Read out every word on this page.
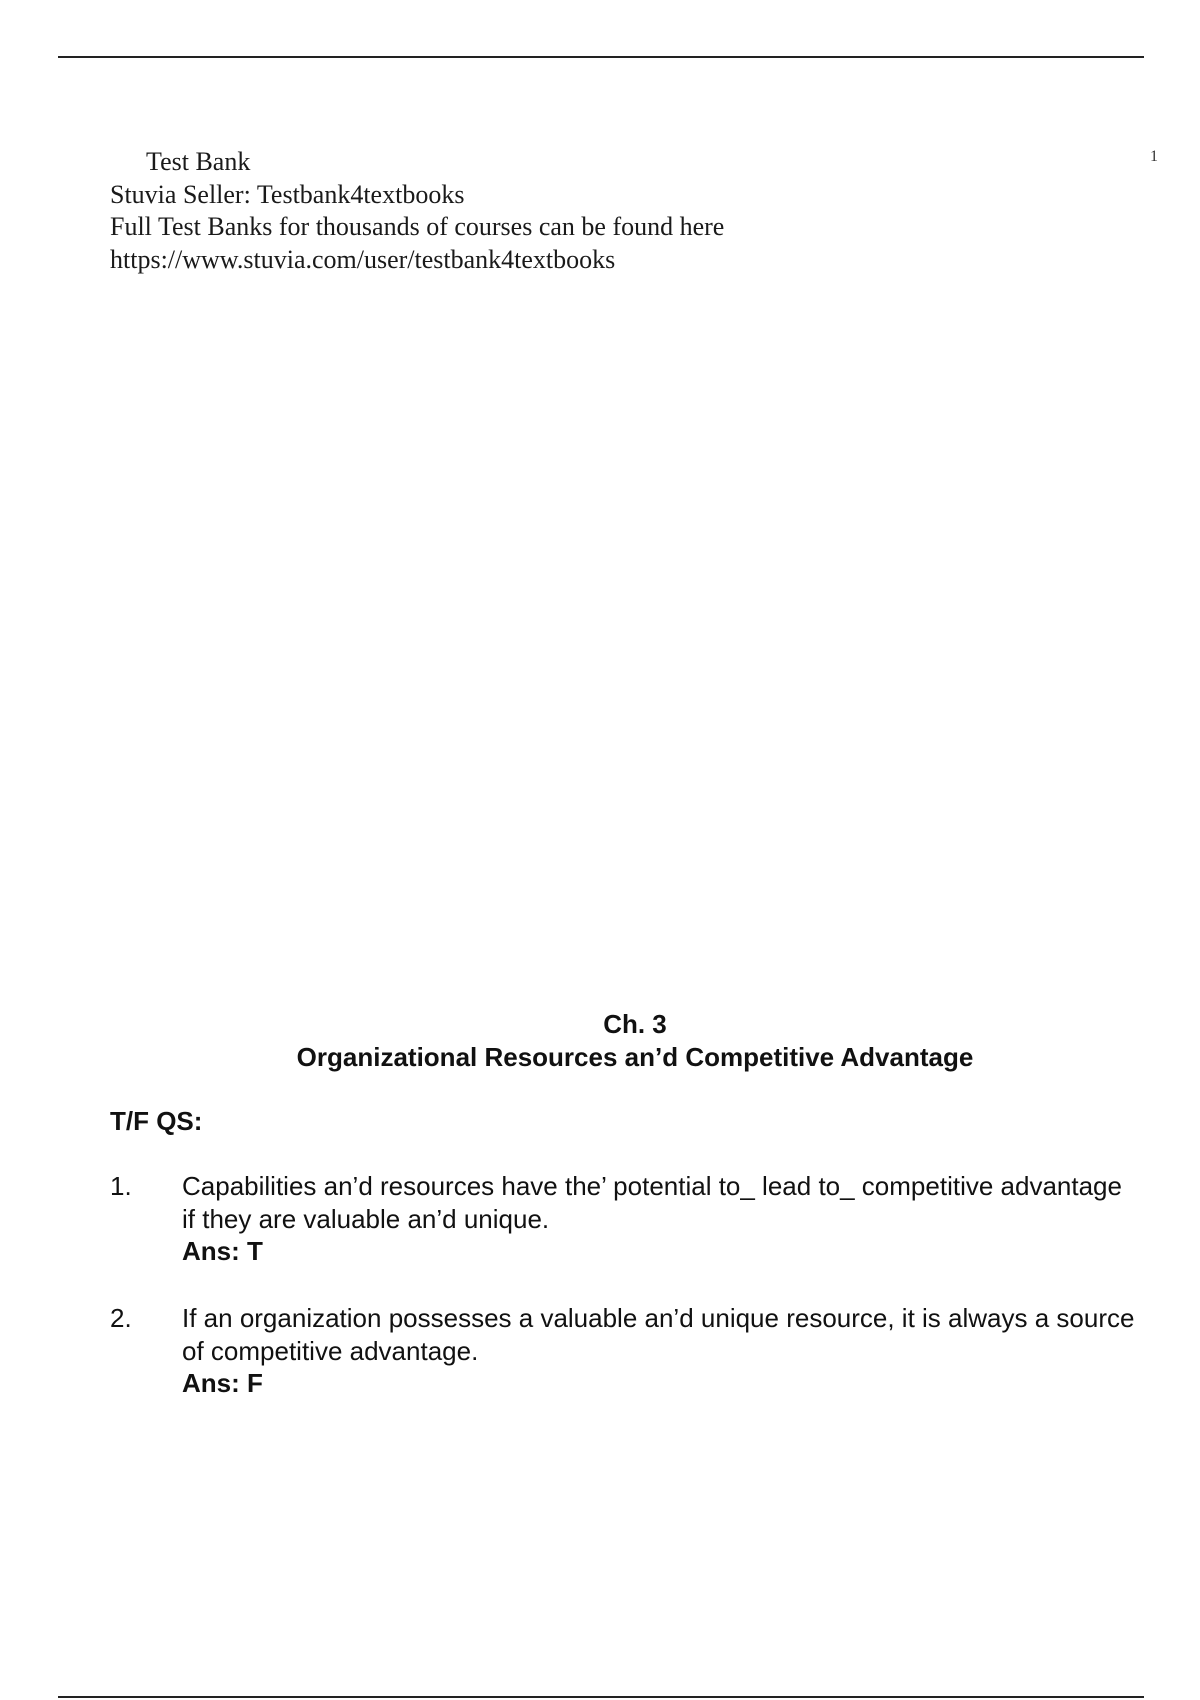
1
Test Bank
Stuvia Seller: Testbank4textbooks
Full Test Banks for thousands of courses can be found here
https://www.stuvia.com/user/testbank4textbooks
Ch. 3
Organizational Resources an’d Competitive Advantage
T/F QS:
1. Capabilities an’d resources have the’ potential to_ lead to_ competitive advantage if they are valuable an’d unique.
Ans: T
2. If an organization possesses a valuable an’d unique resource, it is always a source of competitive advantage.
Ans: F
